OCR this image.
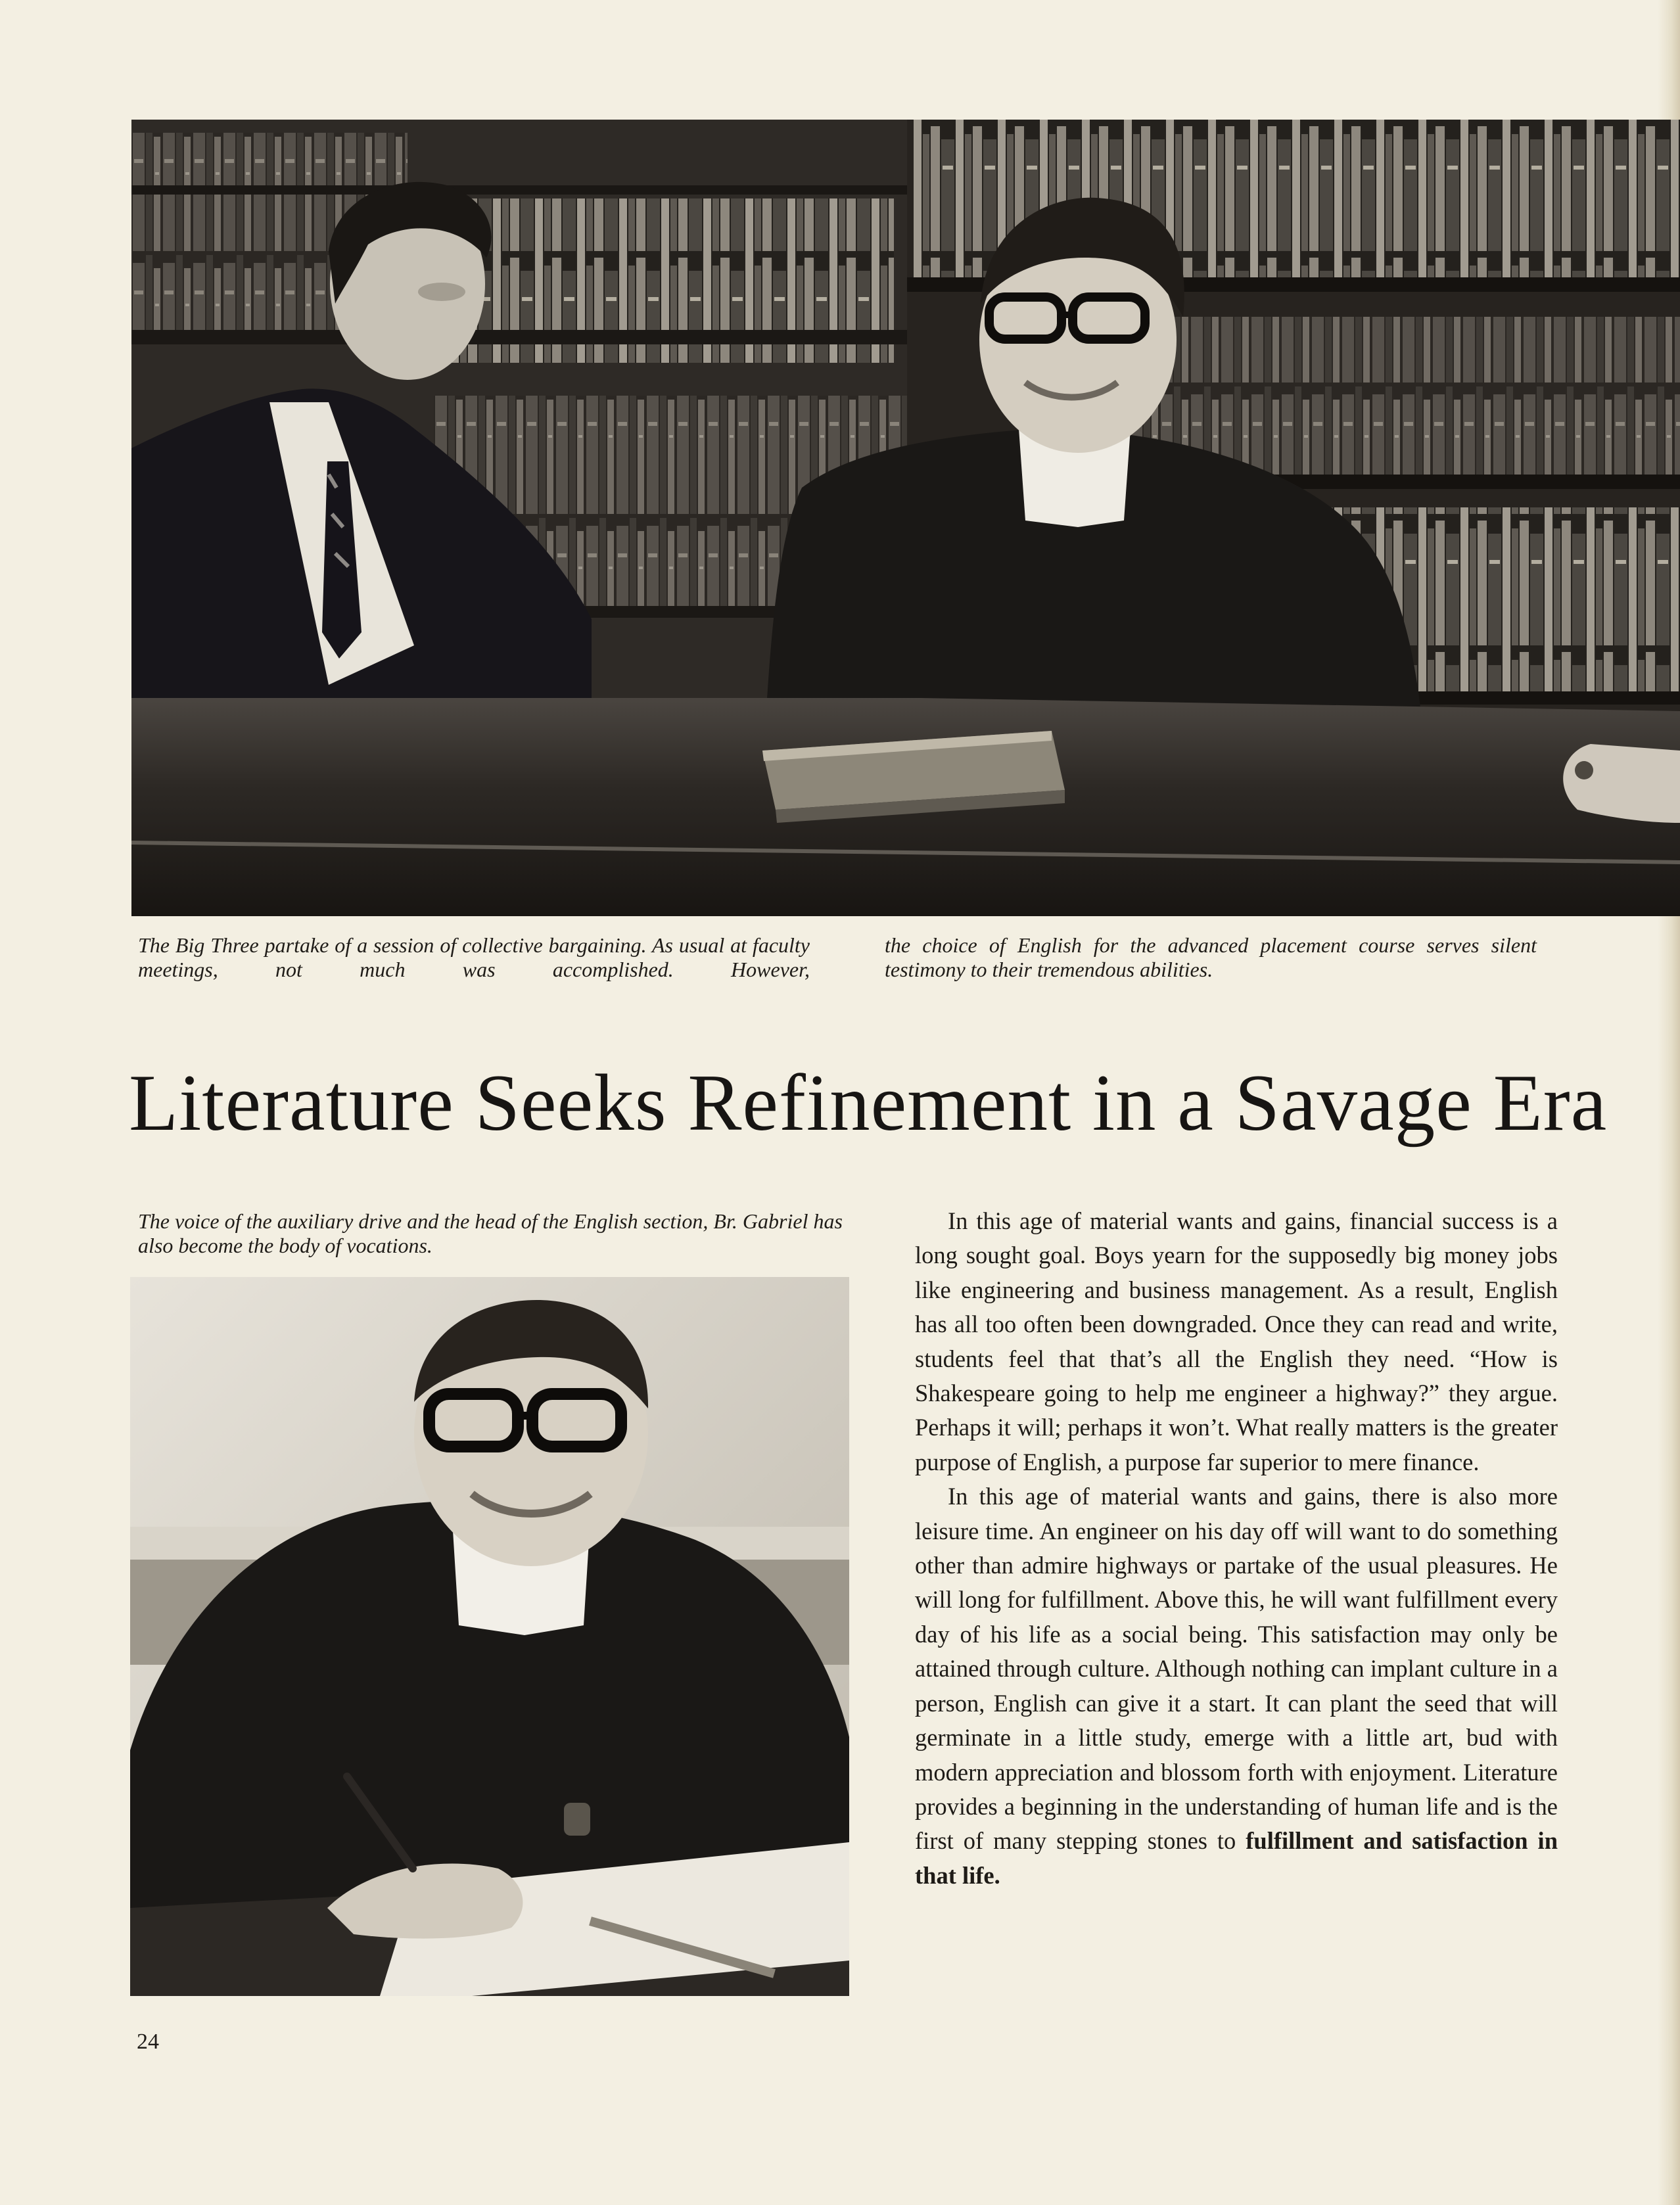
The Big Three partake of a session of collective bargaining. As usual at faculty meetings, not much was accomplished. However,
the choice of English for the advanced placement course serves silent testimony to their tremendous abilities.
Literature Seeks Refinement in a Savage Era
The voice of the auxiliary drive and the head of the English section, Br. Gabriel has also become the body of vocations.

In this age of material wants and gains, financial success is a long sought goal. Boys yearn for the supposedly big money jobs like engineering and business management. As a result, English has all too often been downgraded. Once they can read and write, students feel that that’s all the English they need. “How is Shakespeare going to help me engineer a highway?” they argue. Perhaps it will; perhaps it won’t. What really matters is the greater purpose of English, a purpose far superior to mere finance.

In this age of material wants and gains, there is also more leisure time. An engineer on his day off will want to do something other than admire highways or partake of the usual pleasures. He will long for fulfillment. Above this, he will want fulfillment every day of his life as a social being. This satisfaction may only be attained through culture. Although nothing can implant culture in a person, English can give it a start. It can plant the seed that will germinate in a little study, emerge with a little art, bud with modern appreciation and blossom forth with enjoyment. Literature provides a beginning in the understanding of human life and is the first of many stepping stones to fulfillment and satisfaction in that life.

24
